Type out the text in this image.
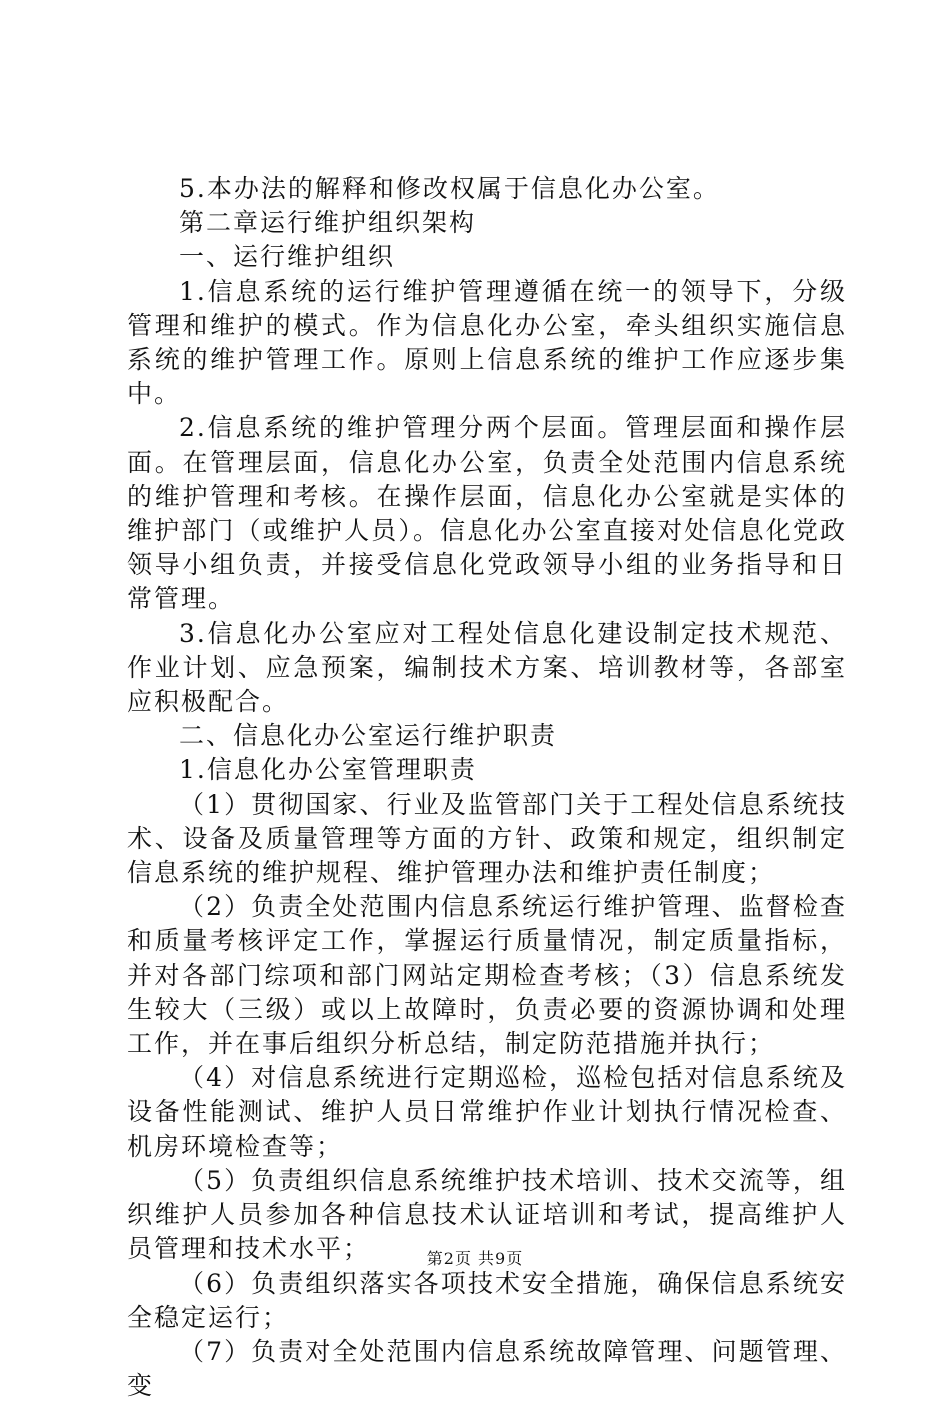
5.本办法的解释和修改权属于信息化办公室。

第二章运行维护组织架构

一、运行维护组织

1.信息系统的运行维护管理遵循在统一的领导下，分级管理和维护的模式。作为信息化办公室，牵头组织实施信息系统的维护管理工作。原则上信息系统的维护工作应逐步集中。

2.信息系统的维护管理分两个层面。管理层面和操作层面。在管理层面，信息化办公室，负责全处范围内信息系统的维护管理和考核。在操作层面，信息化办公室就是实体的维护部门（或维护人员）。信息化办公室直接对处信息化党政领导小组负责，并接受信息化党政领导小组的业务指导和日常管理。

3.信息化办公室应对工程处信息化建设制定技术规范、作业计划、应急预案，编制技术方案、培训教材等，各部室应积极配合。

二、信息化办公室运行维护职责

1.信息化办公室管理职责

（1）贯彻国家、行业及监管部门关于工程处信息系统技术、设备及质量管理等方面的方针、政策和规定，组织制定信息系统的维护规程、维护管理办法和维护责任制度；

（2）负责全处范围内信息系统运行维护管理、监督检查和质量考核评定工作，掌握运行质量情况，制定质量指标，并对各部门综项和部门网站定期检查考核；（3）信息系统发生较大（三级）或以上故障时，负责必要的资源协调和处理工作，并在事后组织分析总结，制定防范措施并执行；

（4）对信息系统进行定期巡检，巡检包括对信息系统及设备性能测试、维护人员日常维护作业计划执行情况检查、机房环境检查等；

（5）负责组织信息系统维护技术培训、技术交流等，组织维护人员参加各种信息技术认证培训和考试，提高维护人员管理和技术水平；

（6）负责组织落实各项技术安全措施，确保信息系统安全稳定运行；

（7）负责对全处范围内信息系统故障管理、问题管理、变

第2页 共9页
